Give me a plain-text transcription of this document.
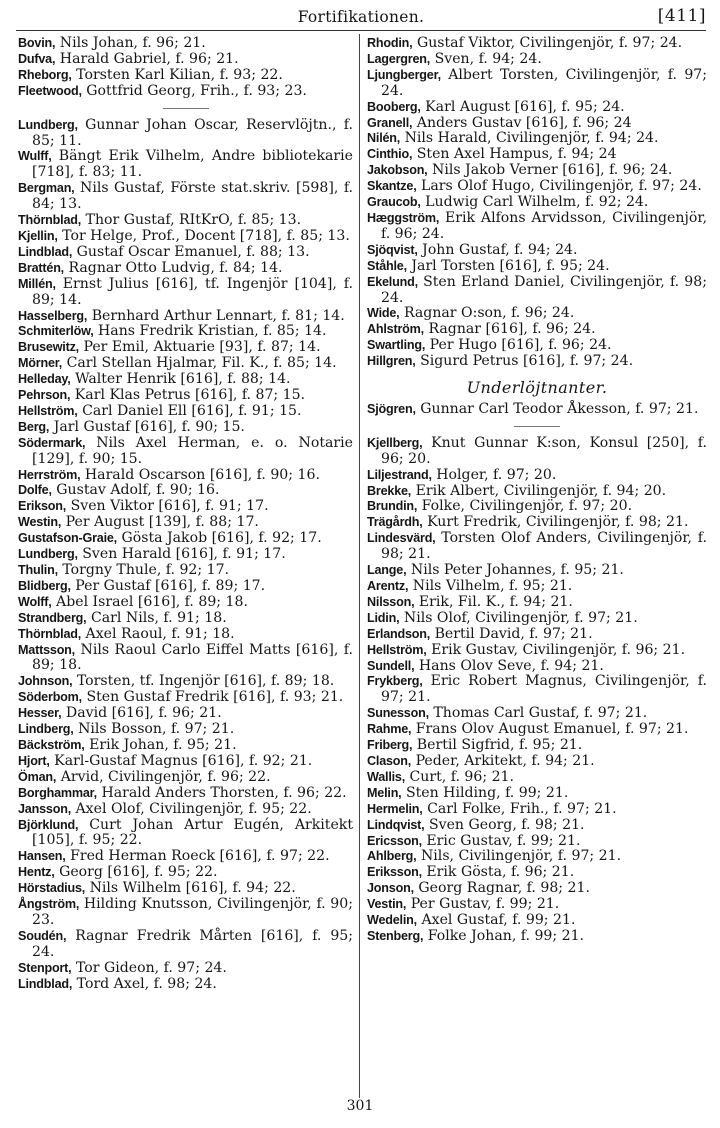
Fortifikationen.	[411]

Bovin, Nils Johan, f. 96; 21.

Dufva, Harald Gabriel, f. 96; 21.

Rheborg, Torsten Karl Kilian, f. 93; 22.

Fleetwood, Gottfrid Georg, Frih., f. 93; 23.

Lundberg, Gunnar Johan Oscar, Reservlöjtn., f. 85; 11.

Wulff, Bängt Erik Vilhelm, Andre bibliotekarie [718], f. 83; 11.

Bergman, Nils Gustaf, Förste stat.skriv. [598], f. 84; 13.

Thörnblad, Thor Gustaf, RItKrO, f. 85; 13.

Kjellin, Tor Helge, Prof., Docent [718], f. 85; 13.

Lindblad, Gustaf Oscar Emanuel, f. 88; 13.

Brattén, Ragnar Otto Ludvig, f. 84; 14.

Millén, Ernst Julius [616], tf. Ingenjör [104], f. 89; 14.

Hasselberg, Bernhard Arthur Lennart, f. 81; 14.

Schmiterlöw, Hans Fredrik Kristian, f. 85; 14.

Brusewitz, Per Emil, Aktuarie [93], f. 87; 14.

Mörner, Carl Stellan Hjalmar, Fil. K., f. 85; 14.

Helleday, Walter Henrik [616], f. 88; 14.

Pehrson, Karl Klas Petrus [616], f. 87; 15.

Hellström, Carl Daniel Ell [616], f. 91; 15.

Berg, Jarl Gustaf [616], f. 90; 15.

Södermark, Nils Axel Herman, e. o. Notarie [129], f. 90; 15.

Herrström, Harald Oscarson [616], f. 90; 16.

Dolfe, Gustav Adolf, f. 90; 16.

Erikson, Sven Viktor [616], f. 91; 17.

Westin, Per August [139], f. 88; 17.

Gustafson-Graie, Gösta Jakob [616], f. 92; 17.

Lundberg, Sven Harald [616], f. 91; 17.

Thulin, Torgny Thule, f. 92; 17.

Blidberg, Per Gustaf [616], f. 89; 17.

Wolff, Abel Israel [616], f. 89; 18.

Strandberg, Carl Nils, f. 91; 18.

Thörnblad, Axel Raoul, f. 91; 18.

Mattsson, Nils Raoul Carlo Eiffel Matts [616], f. 89; 18.

Johnson, Torsten, tf. Ingenjör [616], f. 89; 18.

Söderbom, Sten Gustaf Fredrik [616], f. 93; 21.

Hesser, David [616], f. 96; 21.

Lindberg, Nils Bosson, f. 97; 21.

Bäckström, Erik Johan, f. 95; 21.

Hjort, Karl-Gustaf Magnus [616], f. 92; 21.

Öman, Arvid, Civilingenjör, f. 96; 22.

Borghammar, Harald Anders Thorsten, f. 96; 22.

Jansson, Axel Olof, Civilingenjör, f. 95; 22.

Björklund, Curt Johan Artur Eugén, Arkitekt [105], f. 95; 22.

Hansen, Fred Herman Roeck [616], f. 97; 22.

Hentz, Georg [616], f. 95; 22.

Hörstadius, Nils Wilhelm [616], f. 94; 22.

Ångström, Hilding Knutsson, Civilingenjör, f. 90; 23.

Soudén, Ragnar Fredrik Mårten [616], f. 95; 24.

Stenport, Tor Gideon, f. 97; 24.

Lindblad, Tord Axel, f. 98; 24.

Rhodin, Gustaf Viktor, Civilingenjör, f. 97; 24.

Lagergren, Sven, f. 94; 24.

Ljungberger, Albert Torsten, Civilingenjör, f. 97; 24.

Booberg, Karl August [616], f. 95; 24.

Granell, Anders Gustav [616], f. 96; 24

Nilén, Nils Harald, Civilingenjör, f. 94; 24.

Cinthio, Sten Axel Hampus, f. 94; 24

Jakobson, Nils Jakob Verner [616], f. 96; 24.

Skantze, Lars Olof Hugo, Civilingenjör, f. 97; 24.

Graucob, Ludwig Carl Wilhelm, f. 92; 24.

Hæggström, Erik Alfons Arvidsson, Civilingenjör, f. 96; 24.

Sjöqvist, John Gustaf, f. 94; 24.

Ståhle, Jarl Torsten [616], f. 95; 24.

Ekelund, Sten Erland Daniel, Civilingenjör, f. 98; 24.

Wide, Ragnar O:son, f. 96; 24.

Ahlström, Ragnar [616], f. 96; 24.

Swartling, Per Hugo [616], f. 96; 24.

Hillgren, Sigurd Petrus [616], f. 97; 24.

Underlöjtnanter.

Sjögren, Gunnar Carl Teodor Åkesson, f. 97; 21.

Kjellberg, Knut Gunnar K:son, Konsul [250], f. 96; 20.

Liljestrand, Holger, f. 97; 20.

Brekke, Erik Albert, Civilingenjör, f. 94; 20.

Brundin, Folke, Civilingenjör, f. 97; 20.

Trägårdh, Kurt Fredrik, Civilingenjör, f. 98; 21.

Lindesvärd, Torsten Olof Anders, Civilingenjör, f. 98; 21.

Lange, Nils Peter Johannes, f. 95; 21.

Arentz, Nils Vilhelm, f. 95; 21.

Nilsson, Erik, Fil. K., f. 94; 21.

Lidin, Nils Olof, Civilingenjör, f. 97; 21.

Erlandson, Bertil David, f. 97; 21.

Hellström, Erik Gustav, Civilingenjör, f. 96; 21.

Sundell, Hans Olov Seve, f. 94; 21.

Frykberg, Eric Robert Magnus, Civilingenjör, f. 97; 21.

Sunesson, Thomas Carl Gustaf, f. 97; 21.

Rahme, Frans Olov August Emanuel, f. 97; 21.

Friberg, Bertil Sigfrid, f. 95; 21.

Clason, Peder, Arkitekt, f. 94; 21.

Wallis, Curt, f. 96; 21.

Melin, Sten Hilding, f. 99; 21.

Hermelin, Carl Folke, Frih., f. 97; 21.

Lindqvist, Sven Georg, f. 98; 21.

Ericsson, Eric Gustav, f. 99; 21.

Ahlberg, Nils, Civilingenjör, f. 97; 21.

Eriksson, Erik Gösta, f. 96; 21.

Jonson, Georg Ragnar, f. 98; 21.

Vestin, Per Gustav, f. 99; 21.

Wedelin, Axel Gustaf, f. 99; 21.

Stenberg, Folke Johan, f. 99; 21.

301
